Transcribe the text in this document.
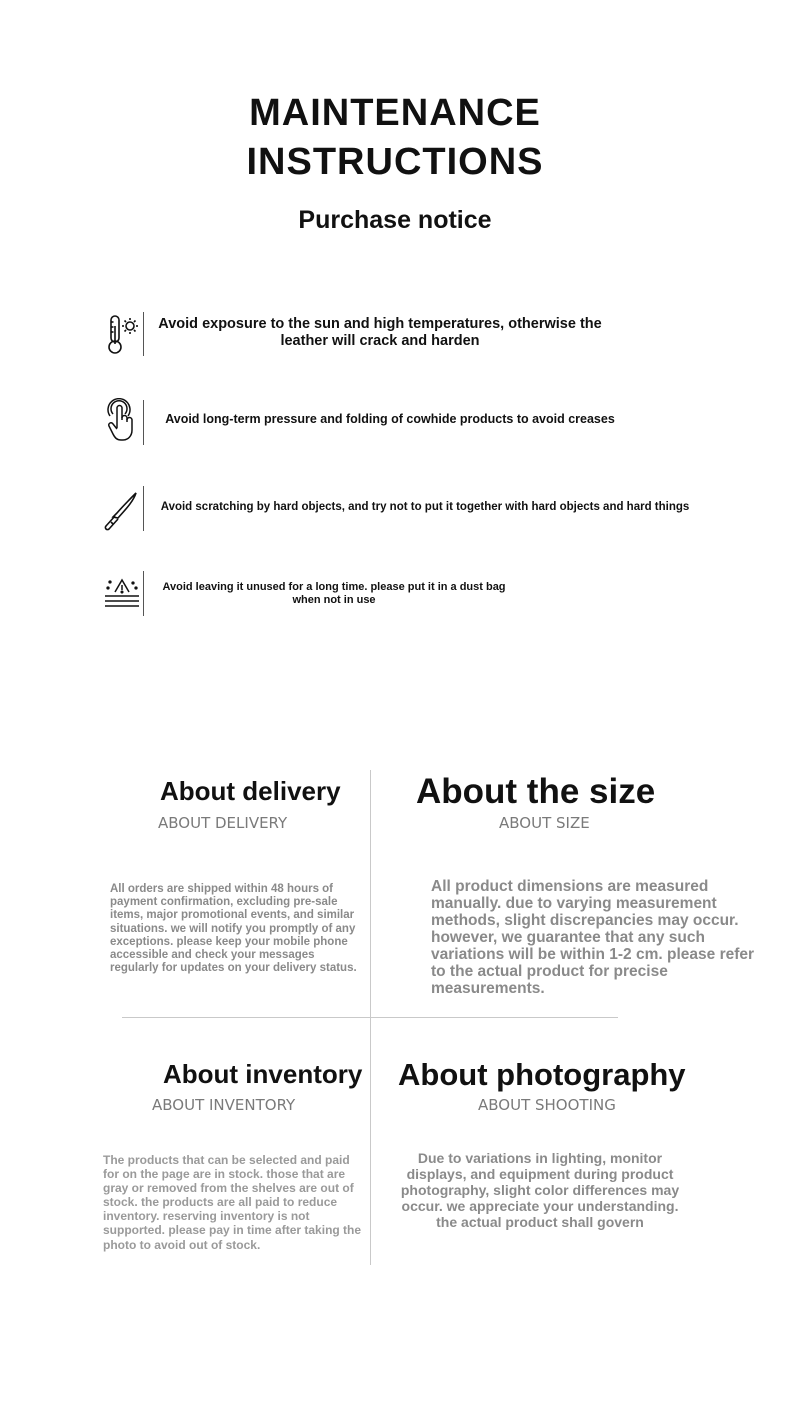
MAINTENANCE
INSTRUCTIONS
Purchase notice
Avoid exposure to the sun and high temperatures, otherwise the leather will crack and harden
Avoid long-term pressure and folding of cowhide products to avoid creases
Avoid scratching by hard objects, and try not to put it together with hard objects and hard things
Avoid leaving it unused for a long time. please put it in a dust bag when not in use
About delivery
ABOUT DELIVERY
All orders are shipped within 48 hours of payment confirmation, excluding pre-sale items, major promotional events, and similar situations. we will notify you promptly of any exceptions. please keep your mobile phone accessible and check your messages regularly for updates on your delivery status.
About the size
ABOUT SIZE
All product dimensions are measured manually. due to varying measurement methods, slight discrepancies may occur. however, we guarantee that any such variations will be within 1-2 cm. please refer to the actual product for precise measurements.
About inventory
ABOUT INVENTORY
The products that can be selected and paid for on the page are in stock. those that are gray or removed from the shelves are out of stock. the products are all paid to reduce inventory. reserving inventory is not supported. please pay in time after taking the photo to avoid out of stock.
About photography
ABOUT SHOOTING
Due to variations in lighting, monitor displays, and equipment during product photography, slight color differences may occur. we appreciate your understanding. the actual product shall govern
